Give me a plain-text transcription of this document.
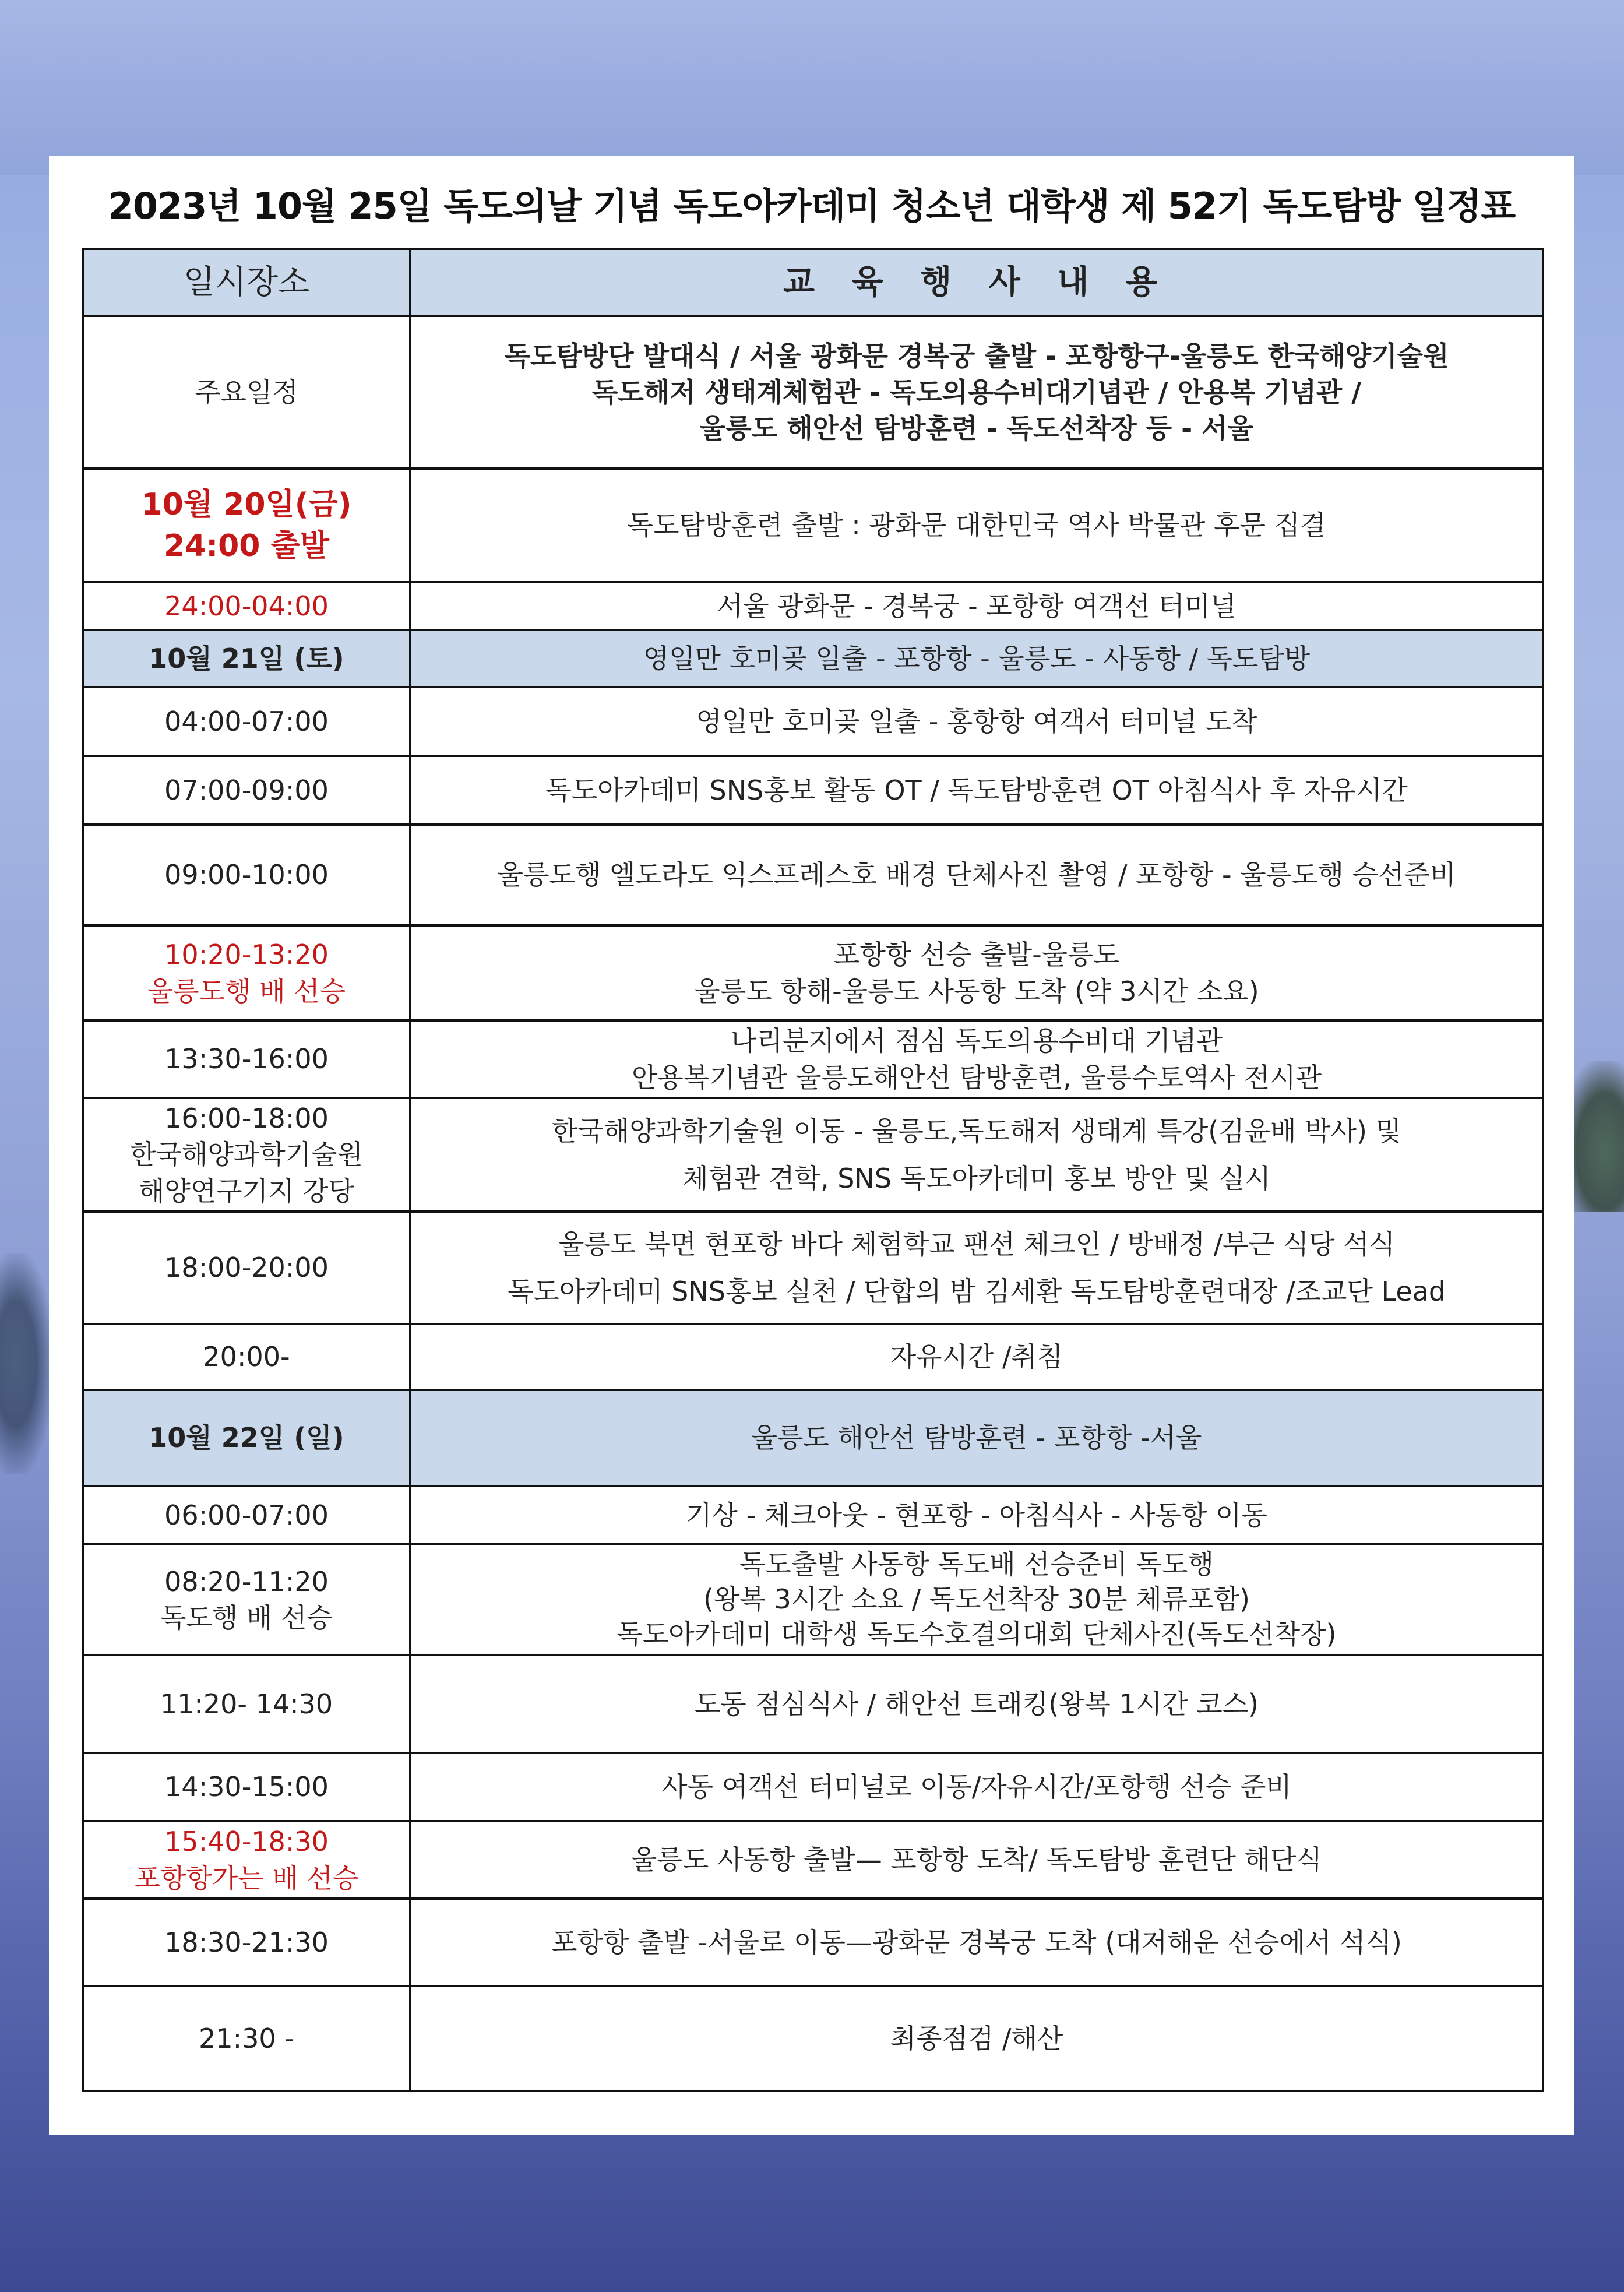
2023년 10월 25일 독도의날 기념 독도아카데미 청소년 대학생 제 52기 독도탐방 일정표
일시장소	교 육 행 사 내 용

주요일정	독도탐방단 발대식 / 서울 광화문 경복궁 출발 - 포항항구-울릉도 한국해양기술원
독도해저 생태계체험관 - 독도의용수비대기념관 / 안용복 기념관 /
울릉도 해안선 탐방훈련 - 독도선착장 등 - 서울

10월 20일(금)
24:00 출발	독도탐방훈련 출발 : 광화문 대한민국 역사 박물관 후문 집결

24:00-04:00	서울 광화문 - 경복궁 - 포항항 여객선 터미널

10월 21일 (토)	영일만 호미곶 일출 - 포항항 - 울릉도 - 사동항 / 독도탐방

04:00-07:00	영일만 호미곶 일출 - 홍항항 여객서 터미널 도착

07:00-09:00	독도아카데미 SNS홍보 활동 OT / 독도탐방훈련 OT 아침식사 후 자유시간

09:00-10:00	울릉도행 엘도라도 익스프레스호 배경 단체사진 촬영 / 포항항 - 울릉도행 승선준비

10:20-13:20
울릉도행 배 선승	포항항 선승 출발-울릉도
울릉도 항해-울릉도 사동항 도착 (약 3시간 소요)

13:30-16:00	나리분지에서 점심 독도의용수비대 기념관
안용복기념관 울릉도해안선 탐방훈련, 울릉수토역사 전시관

16:00-18:00
한국해양과학기술원
해양연구기지 강당	한국해양과학기술원 이동 - 울릉도,독도해저 생태계 특강(김윤배 박사) 및
체험관 견학, SNS 독도아카데미 홍보 방안 및 실시

18:00-20:00	울릉도 북면 현포항 바다 체험학교 팬션 체크인 / 방배정 /부근 식당 석식
독도아카데미 SNS홍보 실천 / 단합의 밤 김세환 독도탐방훈련대장 /조교단 Lead

20:00-	자유시간 /취침

10월 22일 (일)	울릉도 해안선 탐방훈련 - 포항항 -서울

06:00-07:00	기상 - 체크아웃 - 현포항 - 아침식사 - 사동항 이동

08:20-11:20
독도행 배 선승	독도출발 사동항 독도배 선승준비 독도행
(왕복 3시간 소요 / 독도선착장 30분 체류포함)
독도아카데미 대학생 독도수호결의대회 단체사진(독도선착장)

11:20- 14:30	도동 점심식사 / 해안선 트래킹(왕복 1시간 코스)

14:30-15:00	사동 여객선 터미널로 이동/자유시간/포항행 선승 준비

15:40-18:30
포항항가는 배 선승	울릉도 사동항 출발— 포항항 도착/ 독도탐방 훈련단 해단식

18:30-21:30	포항항 출발 -서울로 이동—광화문 경복궁 도착 (대저해운 선승에서 석식)

21:30 -	최종점검 /해산
